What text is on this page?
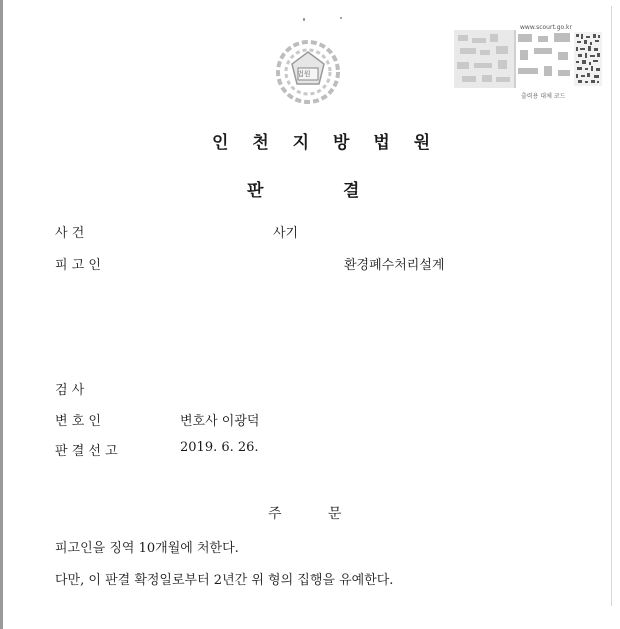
법원
www.scourt.go.kr
출력용 대체 코드
인 천 지 방 법 원
판	결
사 건	사기
피 고 인	환경폐수처리설계
검 사
변 호 인	변호사 이광덕
판 결 선 고	2019. 6. 26.
주	문
피고인을 징역 10개월에 처한다.
다만, 이 판결 확정일로부터 2년간 위 형의 집행을 유예한다.
